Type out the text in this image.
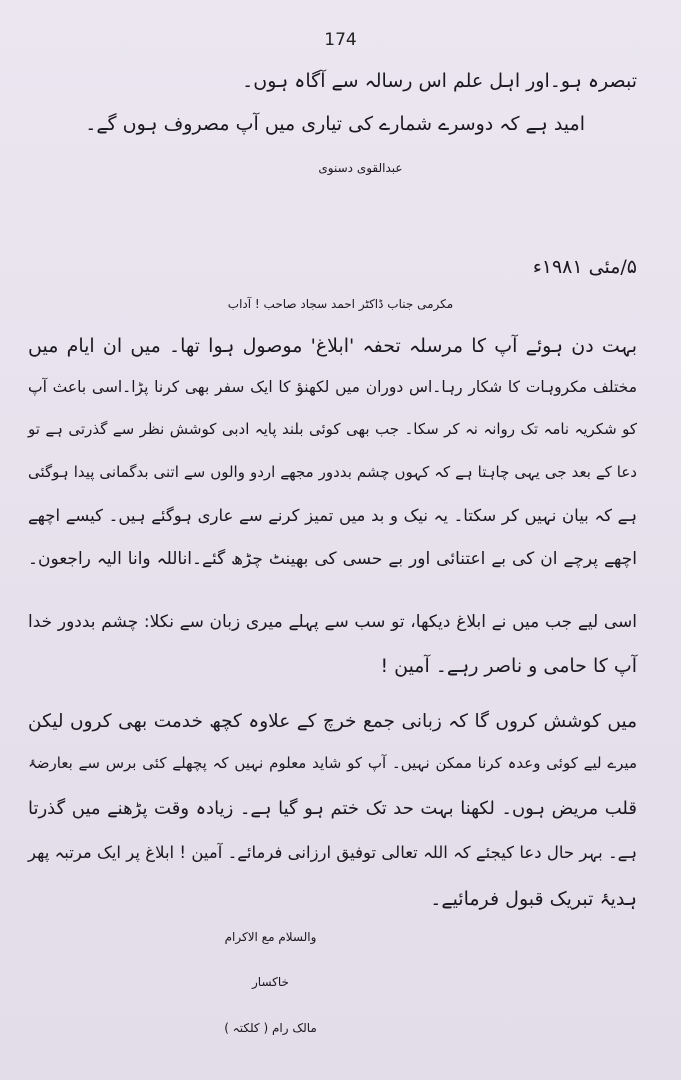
174
تبصرہ ہو۔اور اہل علم اس رسالہ سے آگاہ ہوں۔
امید ہے کہ دوسرے شمارے کی تیاری میں آپ مصروف ہوں گے۔
عبدالقوی دسنوی
۵/مئی ۱۹۸۱ء
مکرمی جناب ڈاکٹر احمد سجاد صاحب ! آداب
بہت دن ہوئے آپ کا مرسلہ تحفہ 'ابلاغ' موصول ہوا تھا۔ میں ان ایام میں
مختلف مکروہات کا شکار رہا۔اس دوران میں لکھنؤ کا ایک سفر بھی کرنا پڑا۔اسی باعث آپ
کو شکریہ نامہ تک روانہ نہ کر سکا۔ جب بھی کوئی بلند پایہ ادبی کوشش نظر سے گذرتی ہے تو
دعا کے بعد جی یہی چاہتا ہے کہ کہوں چشم بددور مجھے اردو والوں سے اتنی بدگمانی پیدا ہوگئی
ہے کہ بیان نہیں کر سکتا۔ یہ نیک و بد میں تمیز کرنے سے عاری ہوگئے ہیں۔ کیسے اچھے
اچھے پرچے ان کی بے اعتنائی اور بے حسی کی بھینٹ چڑھ گئے۔اناللہ وانا الیہ راجعون۔
اسی لیے جب میں نے ابلاغ دیکھا، تو سب سے پہلے میری زبان سے نکلا: چشم بددور خدا
آپ کا حامی و ناصر رہے۔ آمین !
میں کوشش کروں گا کہ زبانی جمع خرچ کے علاوہ کچھ خدمت بھی کروں لیکن
میرے لیے کوئی وعدہ کرنا ممکن نہیں۔ آپ کو شاید معلوم نہیں کہ پچھلے کئی برس سے بعارضۂ
قلب مریض ہوں۔ لکھنا بہت حد تک ختم ہو گیا ہے۔ زیادہ وقت پڑھنے میں گذرتا
ہے۔ بہر حال دعا کیجئے کہ اللہ تعالی توفیق ارزانی فرمائے۔ آمین ! ابلاغ پر ایک مرتبہ پھر
ہدیۂ تبریک قبول فرمائیے۔
والسلام مع الاکرام
خاکسار
مالک رام ( کلکتہ )
